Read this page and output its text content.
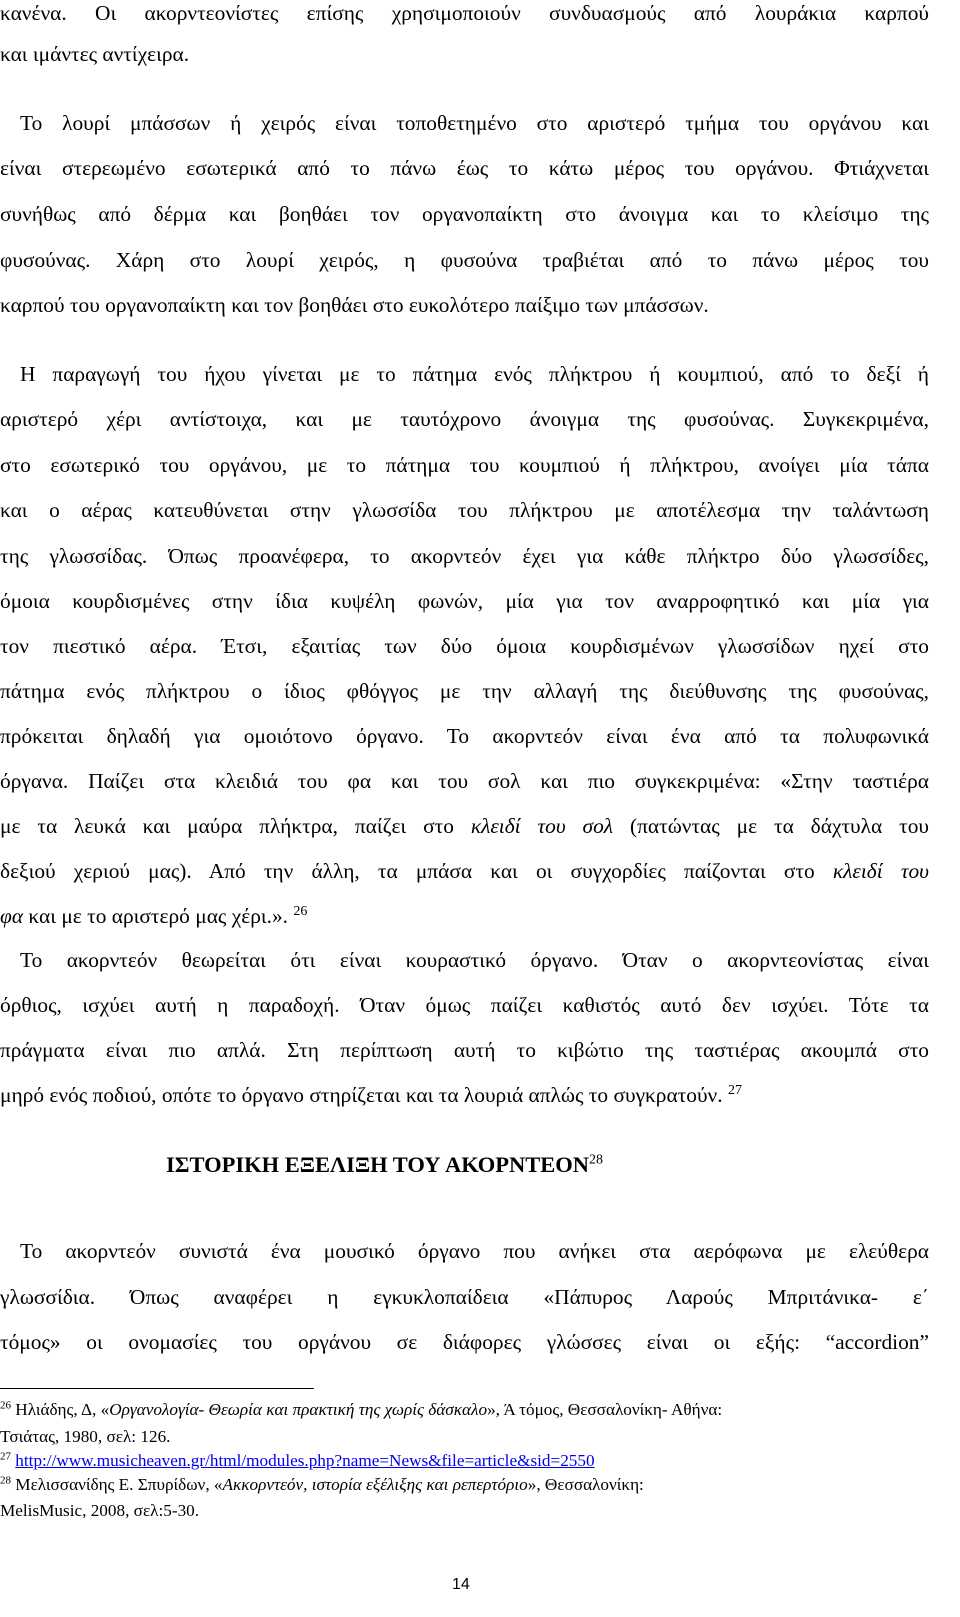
κανένα. Οι ακορντεονίστες επίσης χρησιμοποιούν συνδυασμούς από λουράκια καρπού
και ιμάντες αντίχειρα.
Το λουρί μπάσσων ή χειρός είναι τοποθετημένο στο αριστερό τμήμα του οργάνου και
είναι στερεωμένο εσωτερικά από το πάνω έως το κάτω μέρος του οργάνου. Φτιάχνεται
συνήθως από δέρμα και βοηθάει τον οργανοπαίκτη στο άνοιγμα και το κλείσιμο της
φυσούνας. Χάρη στο λουρί χειρός, η φυσούνα τραβιέται από το πάνω μέρος του
καρπού του οργανοπαίκτη και τον βοηθάει στο ευκολότερο παίξιμο των μπάσσων.
Η παραγωγή του ήχου γίνεται με το πάτημα ενός πλήκτρου ή κουμπιού, από το δεξί ή
αριστερό χέρι αντίστοιχα, και με ταυτόχρονο άνοιγμα της φυσούνας. Συγκεκριμένα,
στο εσωτερικό του οργάνου, με το πάτημα του κουμπιού ή πλήκτρου, ανοίγει μία τάπα
και ο αέρας κατευθύνεται στην γλωσσίδα του πλήκτρου με αποτέλεσμα την ταλάντωση
της γλωσσίδας. Όπως προανέφερα, το ακορντεόν έχει για κάθε πλήκτρο δύο γλωσσίδες,
όμοια κουρδισμένες στην ίδια κυψέλη φωνών, μία για τον αναρροφητικό και μία για
τον πιεστικό αέρα. Έτσι, εξαιτίας των δύο όμοια κουρδισμένων γλωσσίδων ηχεί στο
πάτημα ενός πλήκτρου ο ίδιος φθόγγος με την αλλαγή της διεύθυνσης της φυσούνας,
πρόκειται δηλαδή για ομοιότονο όργανο. Το ακορντεόν είναι ένα από τα πολυφωνικά
όργανα. Παίζει στα κλειδιά του φα και του σολ και πιο συγκεκριμένα: «Στην ταστιέρα
με τα λευκά και μαύρα πλήκτρα, παίζει στο κλειδί του σολ (πατώντας με τα δάχτυλα του
δεξιού χεριού μας). Από την άλλη, τα μπάσα και οι συγχορδίες παίζονται στο κλειδί του
φα και με το αριστερό μας χέρι.». $^{26}$
Το ακορντεόν θεωρείται ότι είναι κουραστικό όργανο. Όταν ο ακορντεονίστας είναι
όρθιος, ισχύει αυτή η παραδοχή. Όταν όμως παίζει καθιστός αυτό δεν ισχύει. Τότε τα
πράγματα είναι πιο απλά. Στη περίπτωση αυτή το κιβώτιο της ταστιέρας ακουμπά στο
μηρό ενός ποδιού, οπότε το όργανο στηρίζεται και τα λουριά απλώς το συγκρατούν. $^{27}$
ΙΣΤΟΡΙΚΗ ΕΞΕΛΙΞΗ ΤΟΥ ΑΚΟΡΝΤΕΟΝ$^{28}$
Το ακορντεόν συνιστά ένα μουσικό όργανο που ανήκει στα αερόφωνα με ελεύθερα
γλωσσίδια. Όπως αναφέρει η εγκυκλοπαίδεια «Πάπυρος Λαρούς Μπριτάνικα- ε΄
τόμος» οι ονομασίες του οργάνου σε διάφορες γλώσσες είναι οι εξής: “accordion”
$^{26}$ Ηλιάδης, Δ, «Οργανολογία- Θεωρία και πρακτική της χωρίς δάσκαλο», Ά τόμος, Θεσσαλονίκη- Αθήνα:
Τσιάτας, 1980, σελ: 126.
$^{27}$ http://www.musicheaven.gr/html/modules.php?name=News&file=article&sid=2550
$^{28}$ Μελισσανίδης Ε. Σπυρίδων, «Ακκορντεόν, ιστορία εξέλιξης και ρεπερτόριο», Θεσσαλονίκη:
MelisMusic, 2008, σελ:5-30.
14
